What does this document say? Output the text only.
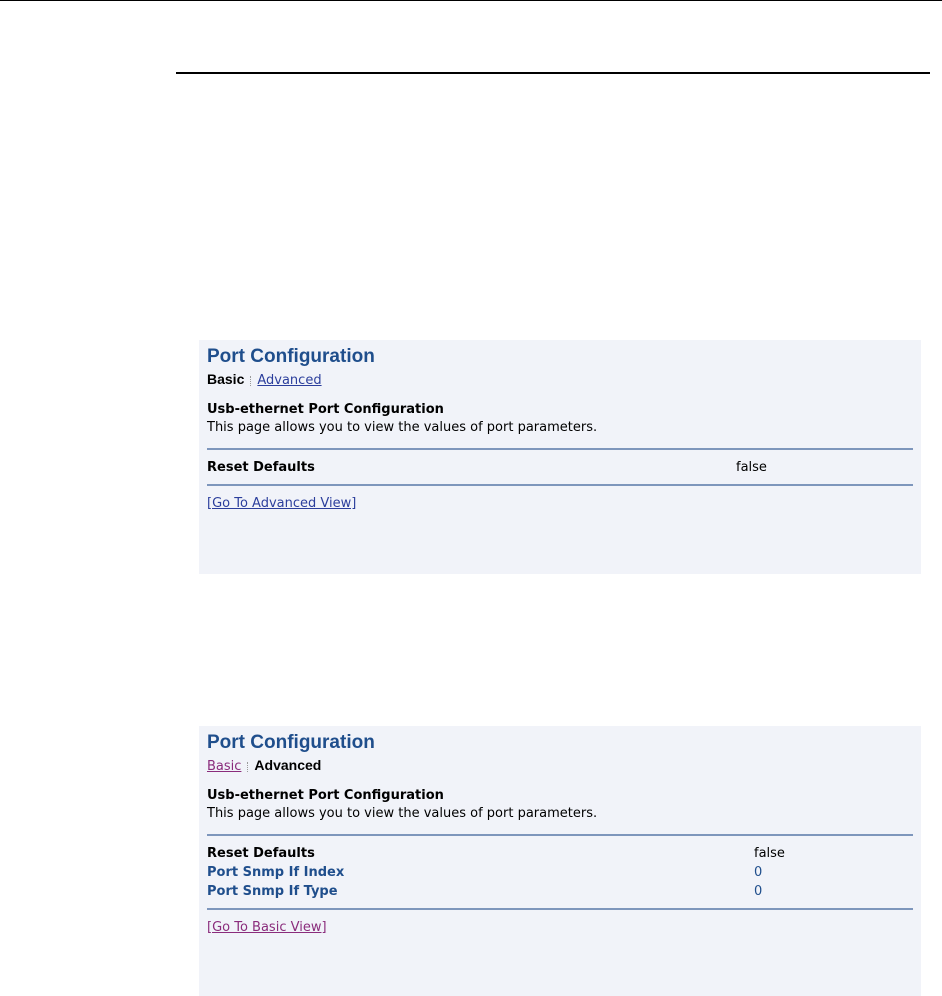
Port Configuration
Basic Advanced
Usb-ethernet Port Configuration
This page allows you to view the values of port parameters.
Reset Defaults	false
[Go To Advanced View]
Port Configuration
Basic Advanced
Usb-ethernet Port Configuration
This page allows you to view the values of port parameters.
Reset Defaults	false
Port Snmp If Index	0
Port Snmp If Type	0
[Go To Basic View]
